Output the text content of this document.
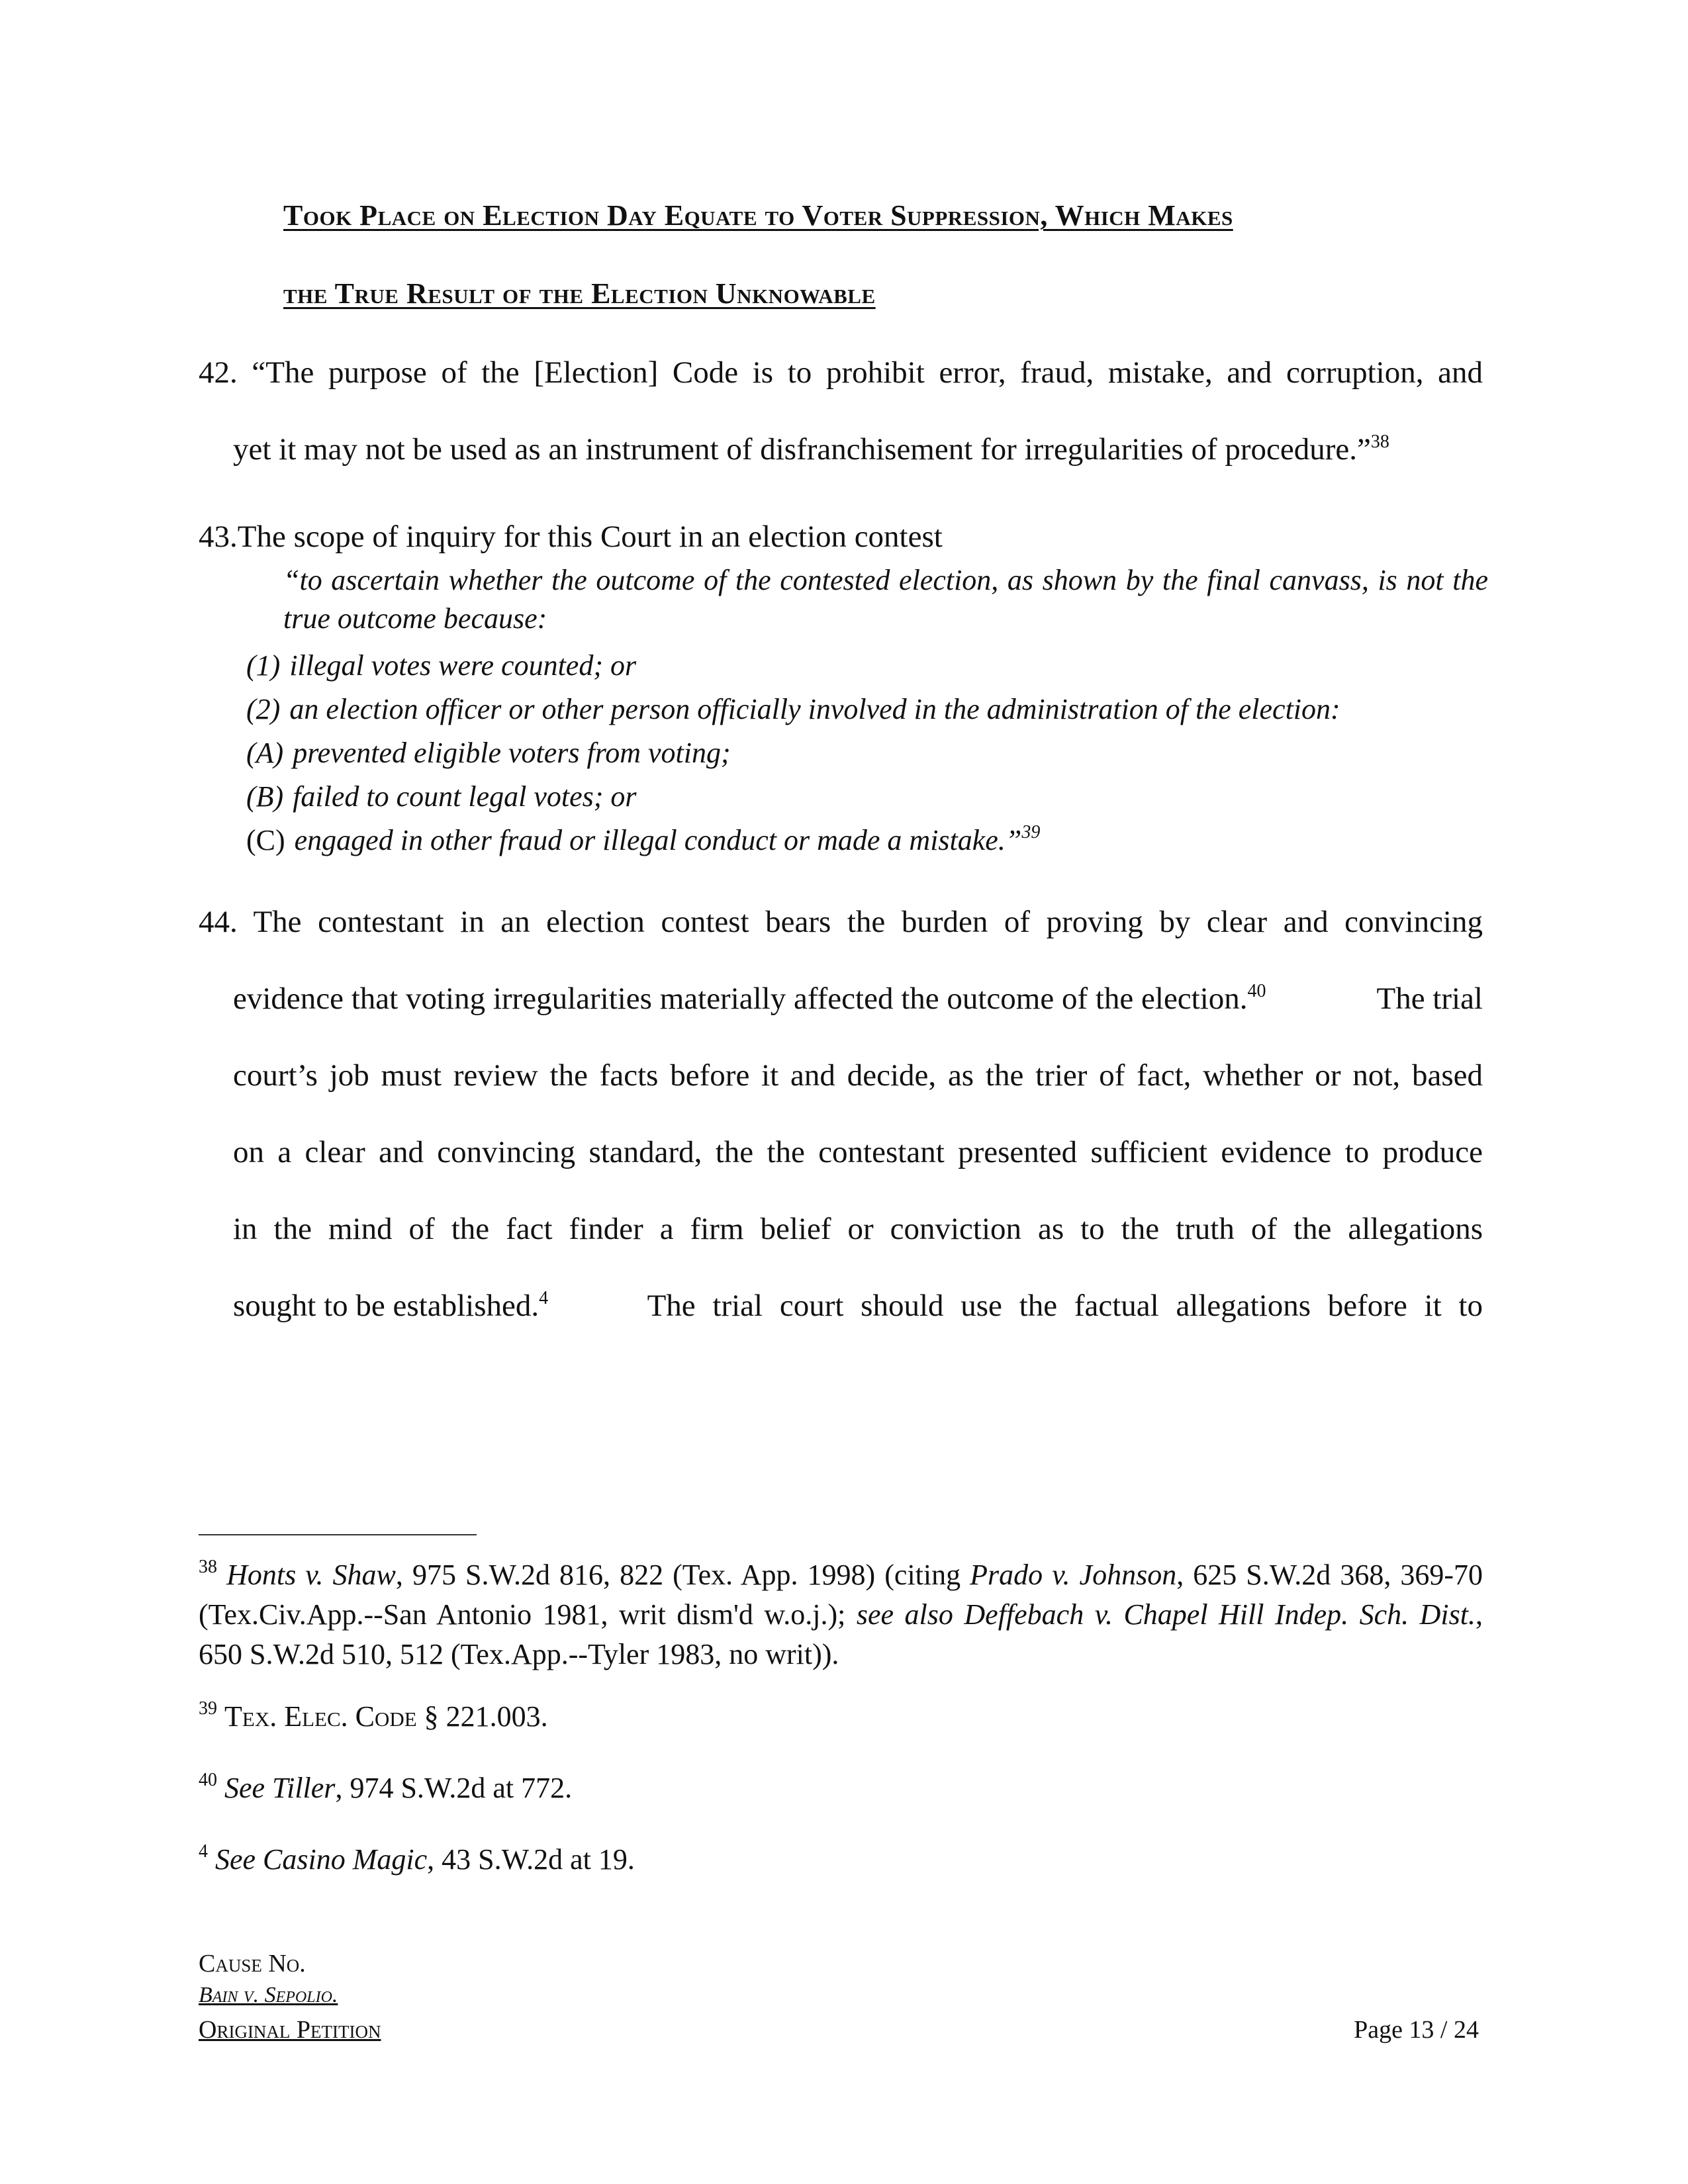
Took Place on Election Day Equate to Voter Suppression, Which Makes
the True Result of the Election Unknowable
42. “The purpose of the [Election] Code is to prohibit error, fraud, mistake, and corruption, and
yet it may not be used as an instrument of disfranchisement for irregularities of procedure.”$^{38}$
43.The scope of inquiry for this Court in an election contest
“to ascertain whether the outcome of the contested election, as shown by the final canvass, is not the true outcome because:
(1) illegal votes were counted; or
(2) an election officer or other person officially involved in the administration of the election:
(A) prevented eligible voters from voting;
(B) failed to count legal votes; or
(C) engaged in other fraud or illegal conduct or made a mistake.”$^{39}$
44. The contestant in an election contest bears the burden of proving by clear and convincing
evidence that voting irregularities materially affected the outcome of the election.$^{40}$	The trial
court’s job must review the facts before it and decide, as the trier of fact, whether or not, based
on a clear and convincing standard, the the contestant presented sufficient evidence to produce
in the mind of the fact finder a firm belief or conviction as to the truth of the allegations
sought to be established.$^4$	The trial court should use the factual allegations before it to
$^{38}$ Honts v. Shaw, 975 S.W.2d 816, 822 (Tex. App. 1998) (citing Prado v. Johnson, 625 S.W.2d 368, 369-70 (Tex.Civ.App.--San Antonio 1981, writ dism'd w.o.j.); see also Deffebach v. Chapel Hill Indep. Sch. Dist., 650 S.W.2d 510, 512 (Tex.App.--Tyler 1983, no writ)).
$^{39}$ Tex. Elec. Code § 221.003.
$^{40}$ See Tiller, 974 S.W.2d at 772.
$^4$ See Casino Magic, 43 S.W.2d at 19.
Cause No.
Bain v. Sepolio.
Original Petition	Page 13 / 24
